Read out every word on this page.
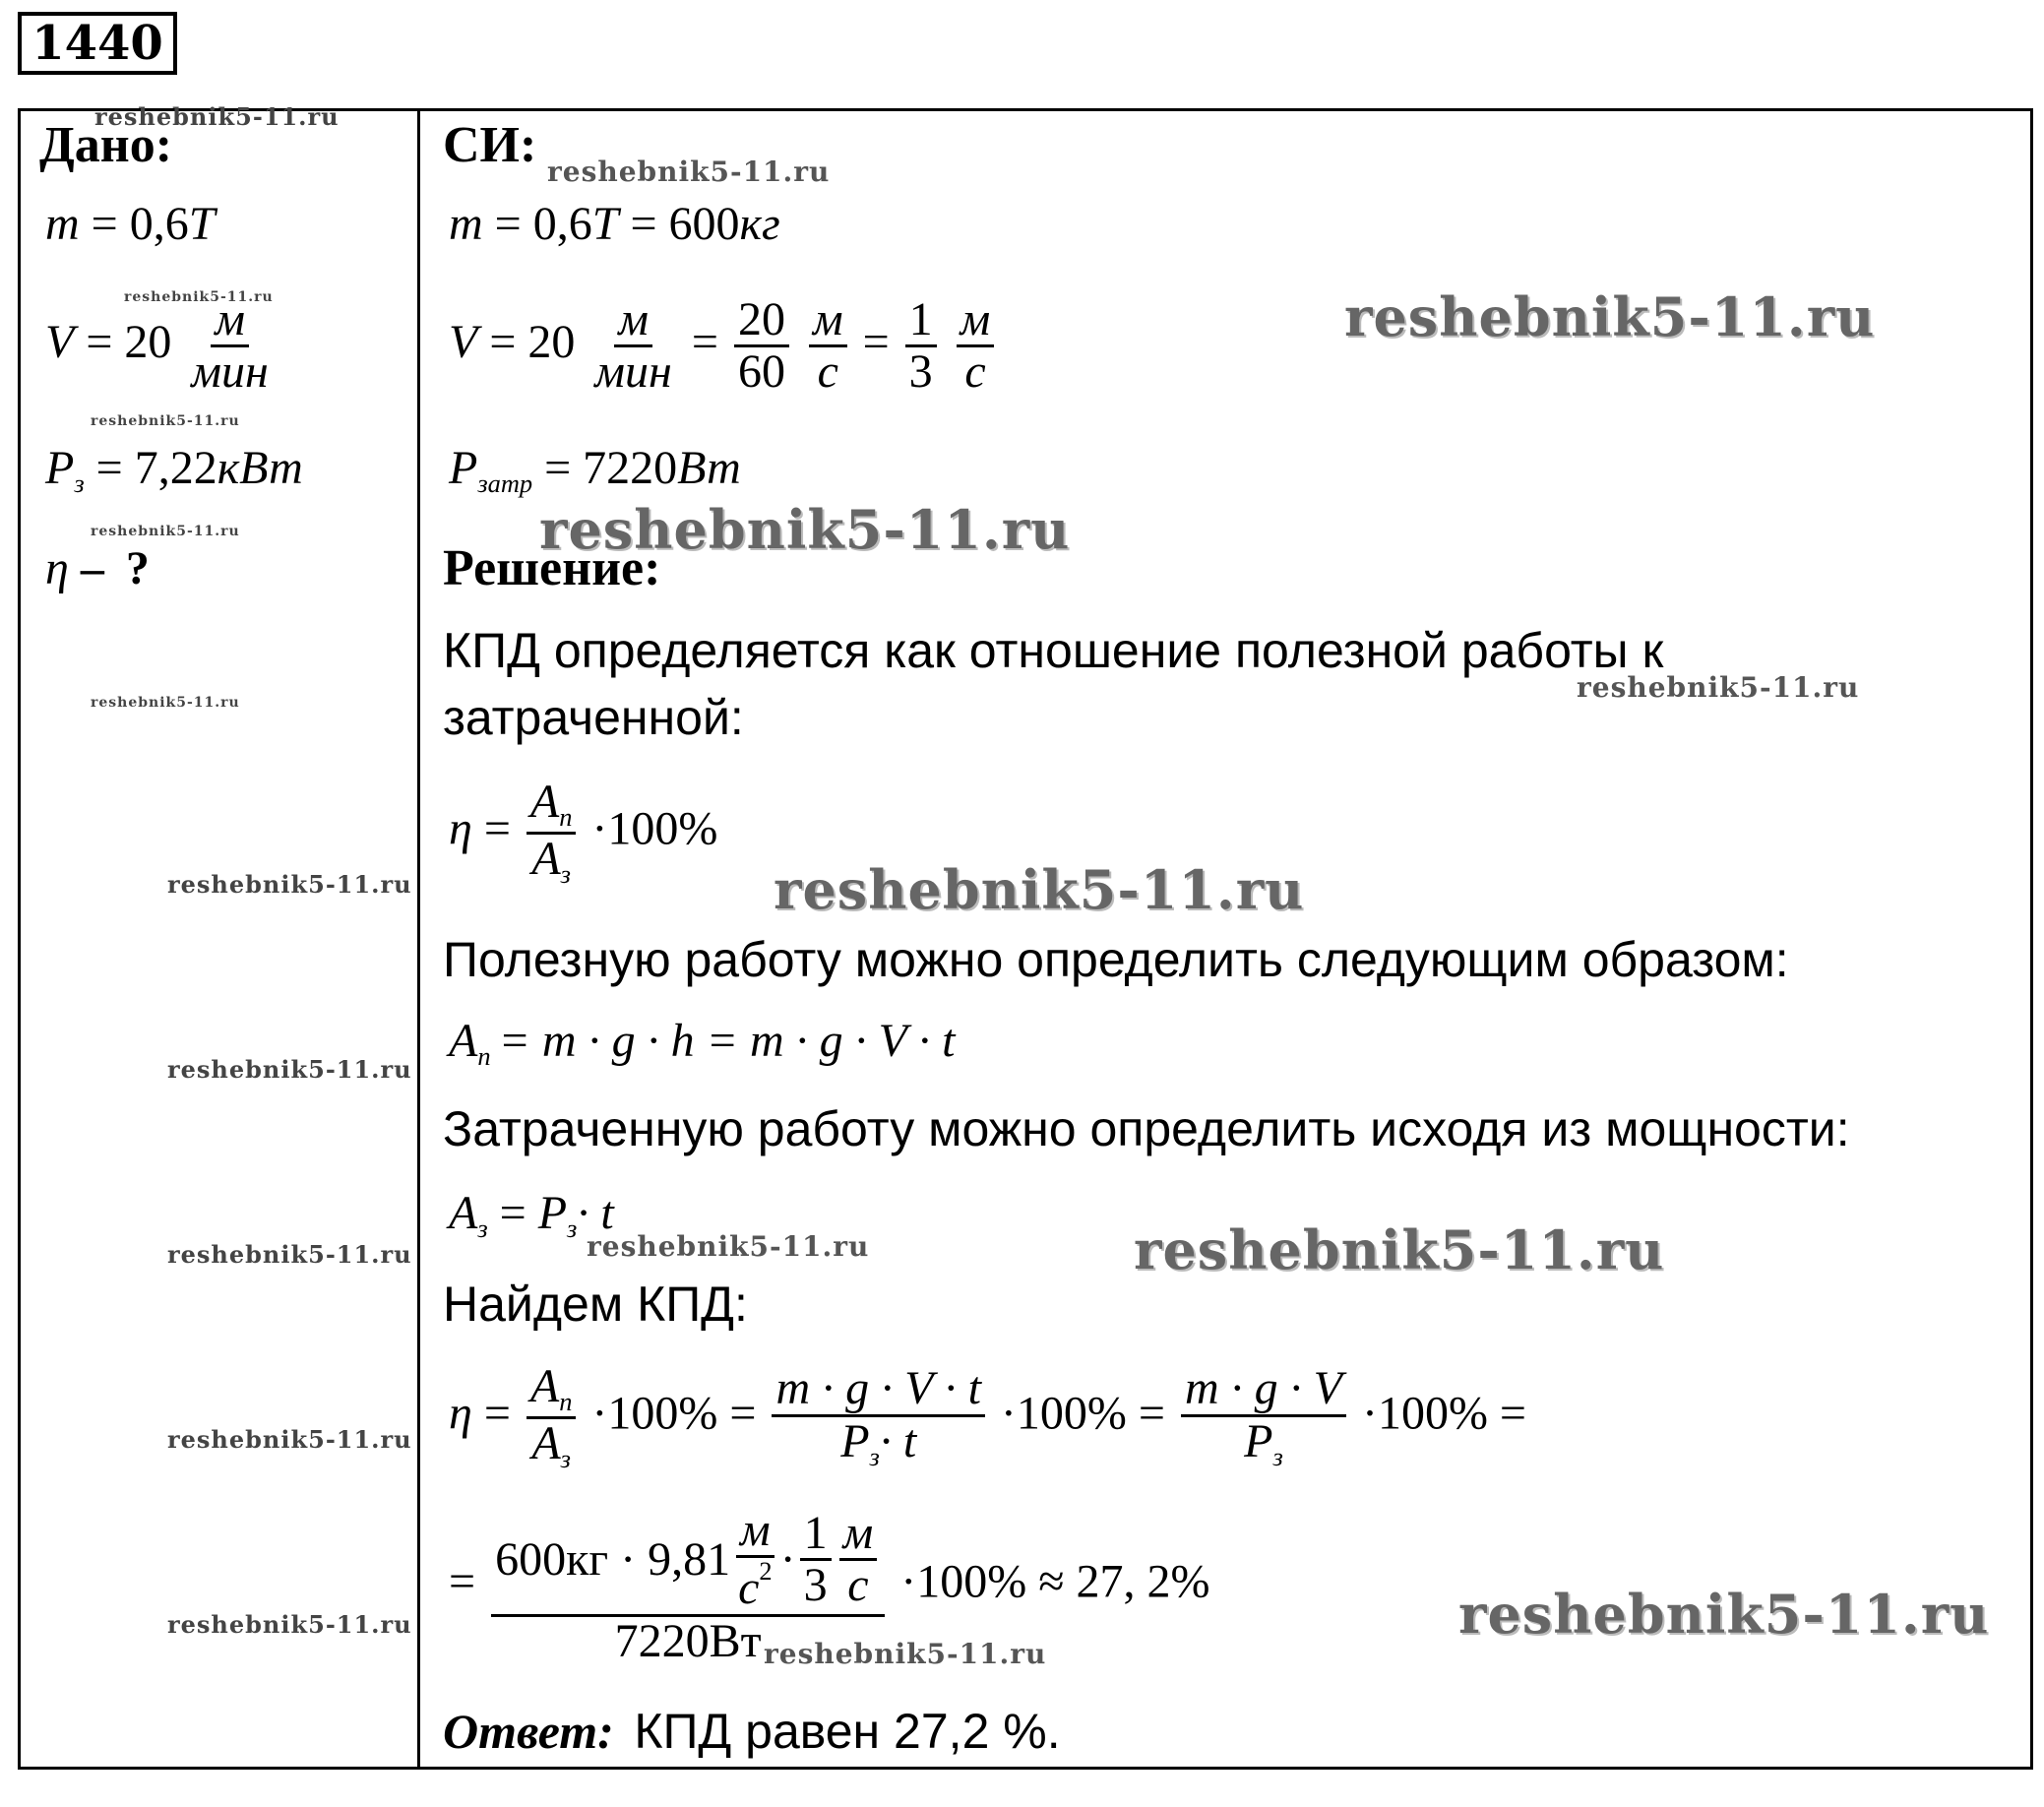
1440
Дано:
m = 0,6Т
$V = 20 \frac{м}{\text{мин}}$
$P_з = 7,22кВт$
η – ?
СИ:
m = 0,6Т = 600кг
$V = 20 \frac{м}{\text{мин}} = \frac{20}{60}$
$\frac{м}{с} = \frac{1}{3}$
$\frac{м}{с}$
$P_{затр} = 7220Вт$
Решение:
КПД определяется как отношение полезной работы к
затраченной:
$\eta = \frac{A_п}{A_з} \cdot 100\%$
Полезную работу можно определить следующим образом:
$A_п = m \cdot g \cdot h = m \cdot g \cdot V \cdot t$
Затраченную работу можно определить исходя из мощности:
$A_з = P_з\cdot t$
Найдем КПД:
$\eta = \frac{A_п}{A_з} \cdot 100\% = \frac{m \cdot g \cdot V \cdot t}{P_з\cdot t} \cdot 100\% = \frac{m \cdot g \cdot V}{P_з} \cdot 100\%$ =
= $\frac{600кг \cdot 9,81 \frac{м}{с^2} \cdot \frac{1}{3} \frac{м}{с}}{7220Вт} \cdot 100\% \approx 27$, 2%
Ответ: КПД равен 27,2 %.
reshebnik5-11.ru
reshebnik5-11.ru
reshebnik5-11.ru
reshebnik5-11.ru
reshebnik5-11.ru
reshebnik5-11.ru
reshebnik5-11.ru
reshebnik5-11.ru
reshebnik5-11.ru
reshebnik5-11.ru
reshebnik5-11.ru
reshebnik5-11.ru
reshebnik5-11.ru	reshebnik5-11.ru
reshebnik5-11.ru
reshebnik5-11.ru
reshebnik5-11.ru
reshebnik5-11.ru
reshebnik5-11.ru
